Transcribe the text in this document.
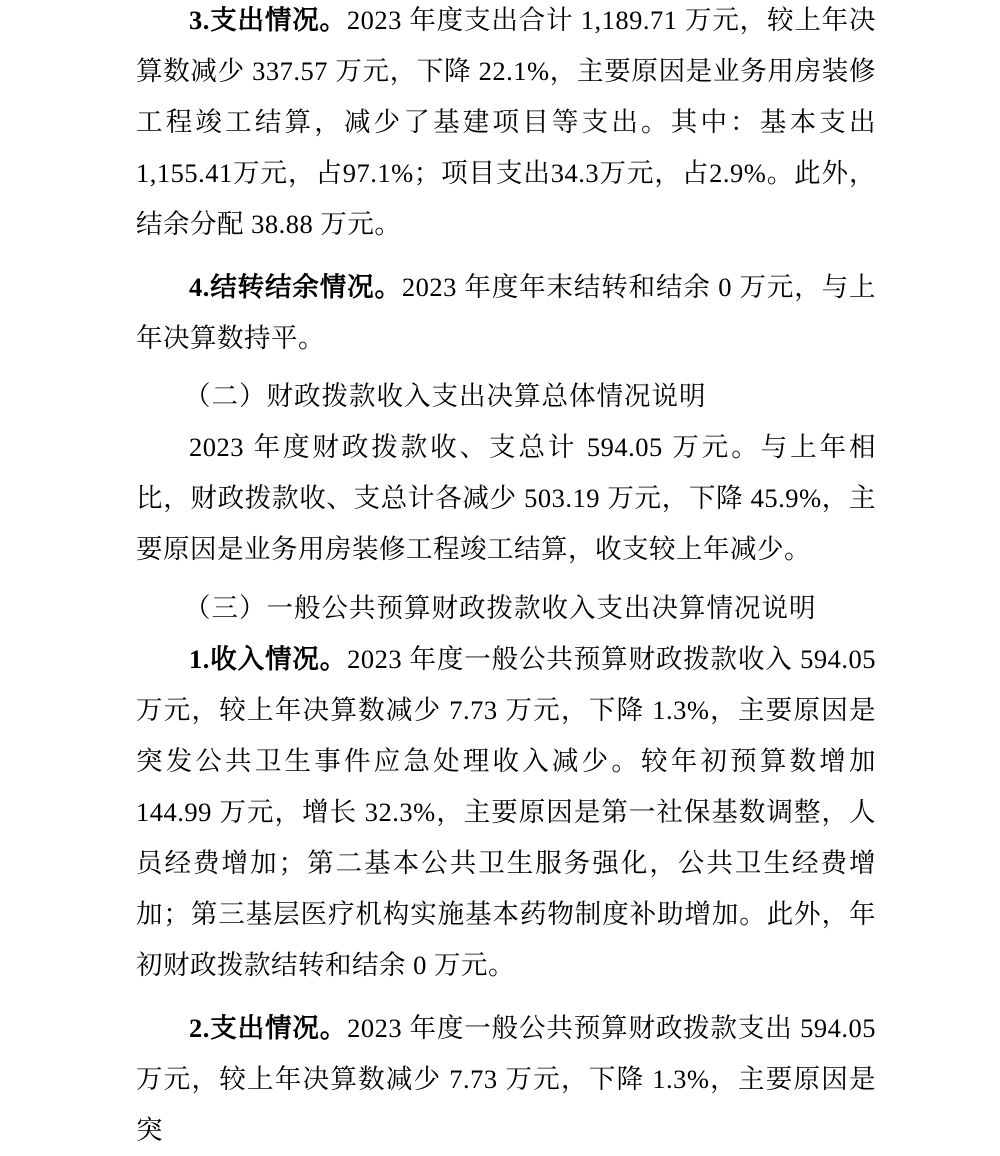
3.支出情况。2023 年度支出合计 1,189.71 万元，较上年决算数减少 337.57 万元，下降 22.1%，主要原因是业务用房装修工程竣工结算，减少了基建项目等支出。其中：基本支出 1,155.41万元，占97.1%；项目支出34.3万元，占2.9%。此外，结余分配 38.88 万元。

4.结转结余情况。2023 年度年末结转和结余 0 万元，与上年决算数持平。

（二）财政拨款收入支出决算总体情况说明

2023 年度财政拨款收、支总计 594.05 万元。与上年相比，财政拨款收、支总计各减少 503.19 万元，下降 45.9%，主要原因是业务用房装修工程竣工结算，收支较上年减少。

（三）一般公共预算财政拨款收入支出决算情况说明

1.收入情况。2023 年度一般公共预算财政拨款收入 594.05 万元，较上年决算数减少 7.73 万元，下降 1.3%，主要原因是突发公共卫生事件应急处理收入减少。较年初预算数增加 144.99 万元，增长 32.3%，主要原因是第一社保基数调整，人员经费增加；第二基本公共卫生服务强化，公共卫生经费增加；第三基层医疗机构实施基本药物制度补助增加。此外，年初财政拨款结转和结余 0 万元。

2.支出情况。2023 年度一般公共预算财政拨款支出 594.05 万元，较上年决算数减少 7.73 万元，下降 1.3%，主要原因是突
